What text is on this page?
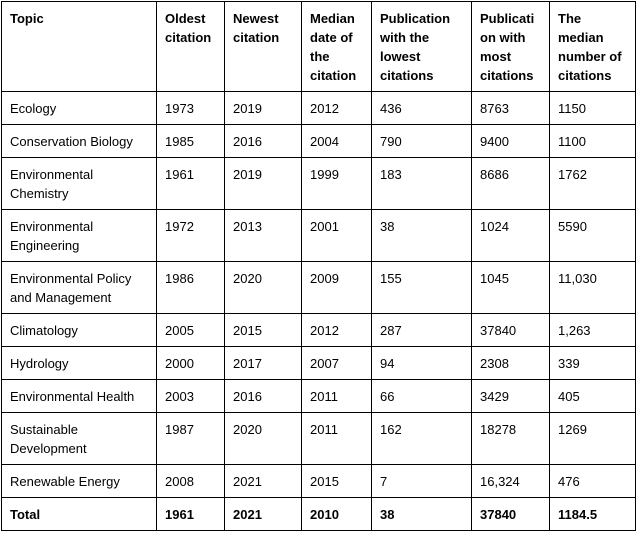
Topic	Oldest citation	Newest citation	Median date of the citation	Publication with the lowest citations	Publication with most citations	The median number of citations
Ecology	1973	2019	2012	436	8763	1150
Conservation Biology	1985	2016	2004	790	9400	1100
Environmental Chemistry	1961	2019	1999	183	8686	1762
Environmental Engineering	1972	2013	2001	38	1024	5590
Environmental Policy and Management	1986	2020	2009	155	1045	11,030
Climatology	2005	2015	2012	287	37840	1,263
Hydrology	2000	2017	2007	94	2308	339
Environmental Health	2003	2016	2011	66	3429	405
Sustainable Development	1987	2020	2011	162	18278	1269
Renewable Energy	2008	2021	2015	7	16,324	476
Total	1961	2021	2010	38	37840	1184.5
